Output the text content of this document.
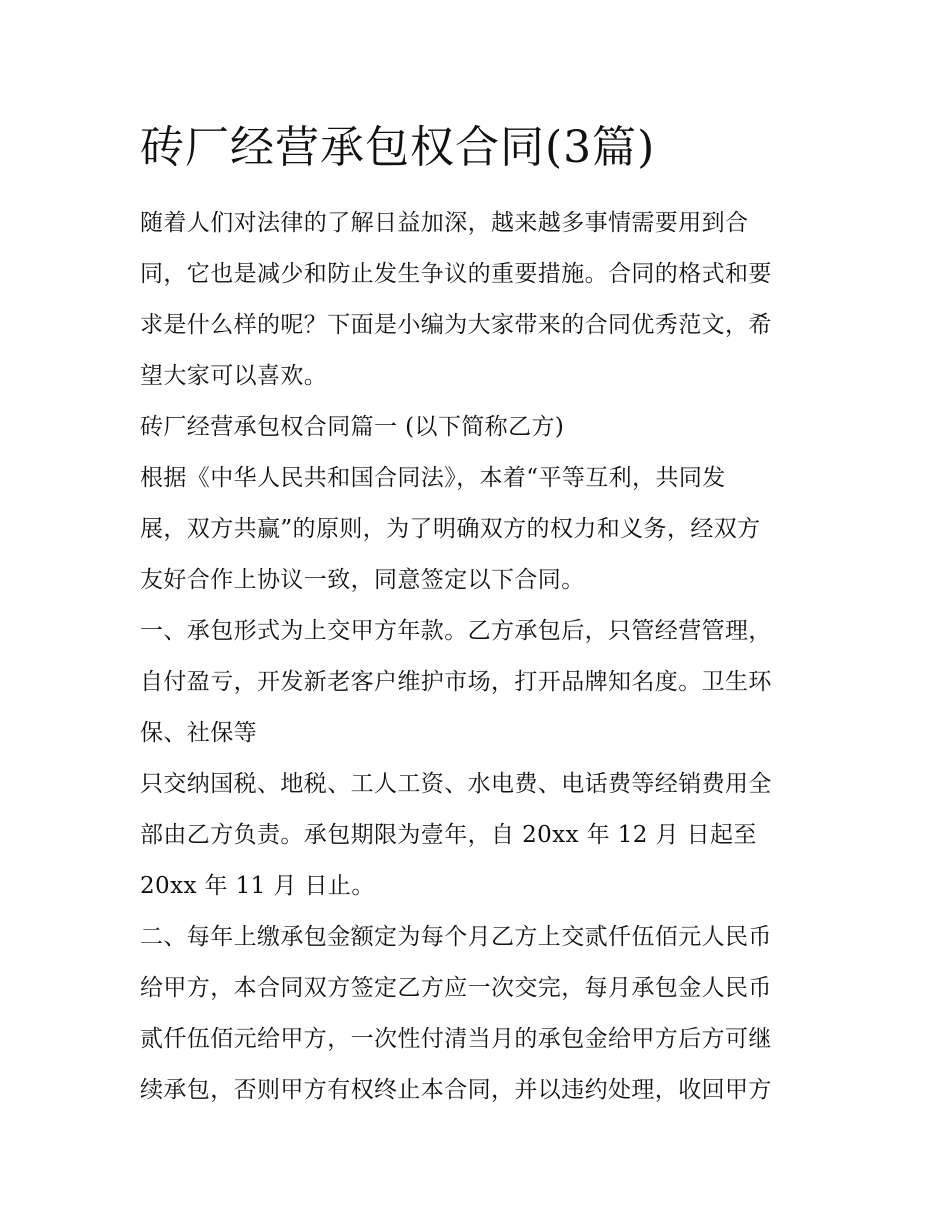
砖厂经营承包权合同(3篇)
随着人们对法律的了解日益加深，越来越多事情需要用到合
同，它也是减少和防止发生争议的重要措施。合同的格式和要
求是什么样的呢？下面是小编为大家带来的合同优秀范文，希
望大家可以喜欢。
砖厂经营承包权合同篇一 (以下简称乙方)
根据《中华人民共和国合同法》，本着“平等互利，共同发
展，双方共赢”的原则，为了明确双方的权力和义务，经双方
友好合作上协议一致，同意签定以下合同。
一、承包形式为上交甲方年款。乙方承包后，只管经营管理，
自付盈亏，开发新老客户维护市场，打开品牌知名度。卫生环
保、社保等
只交纳国税、地税、工人工资、水电费、电话费等经销费用全
部由乙方负责。承包期限为壹年，自 20xx 年 12 月 日起至
20xx 年 11 月 日止。
二、每年上缴承包金额定为每个月乙方上交贰仟伍佰元人民币
给甲方，本合同双方签定乙方应一次交完，每月承包金人民币
贰仟伍佰元给甲方，一次性付清当月的承包金给甲方后方可继
续承包，否则甲方有权终止本合同，并以违约处理，收回甲方
